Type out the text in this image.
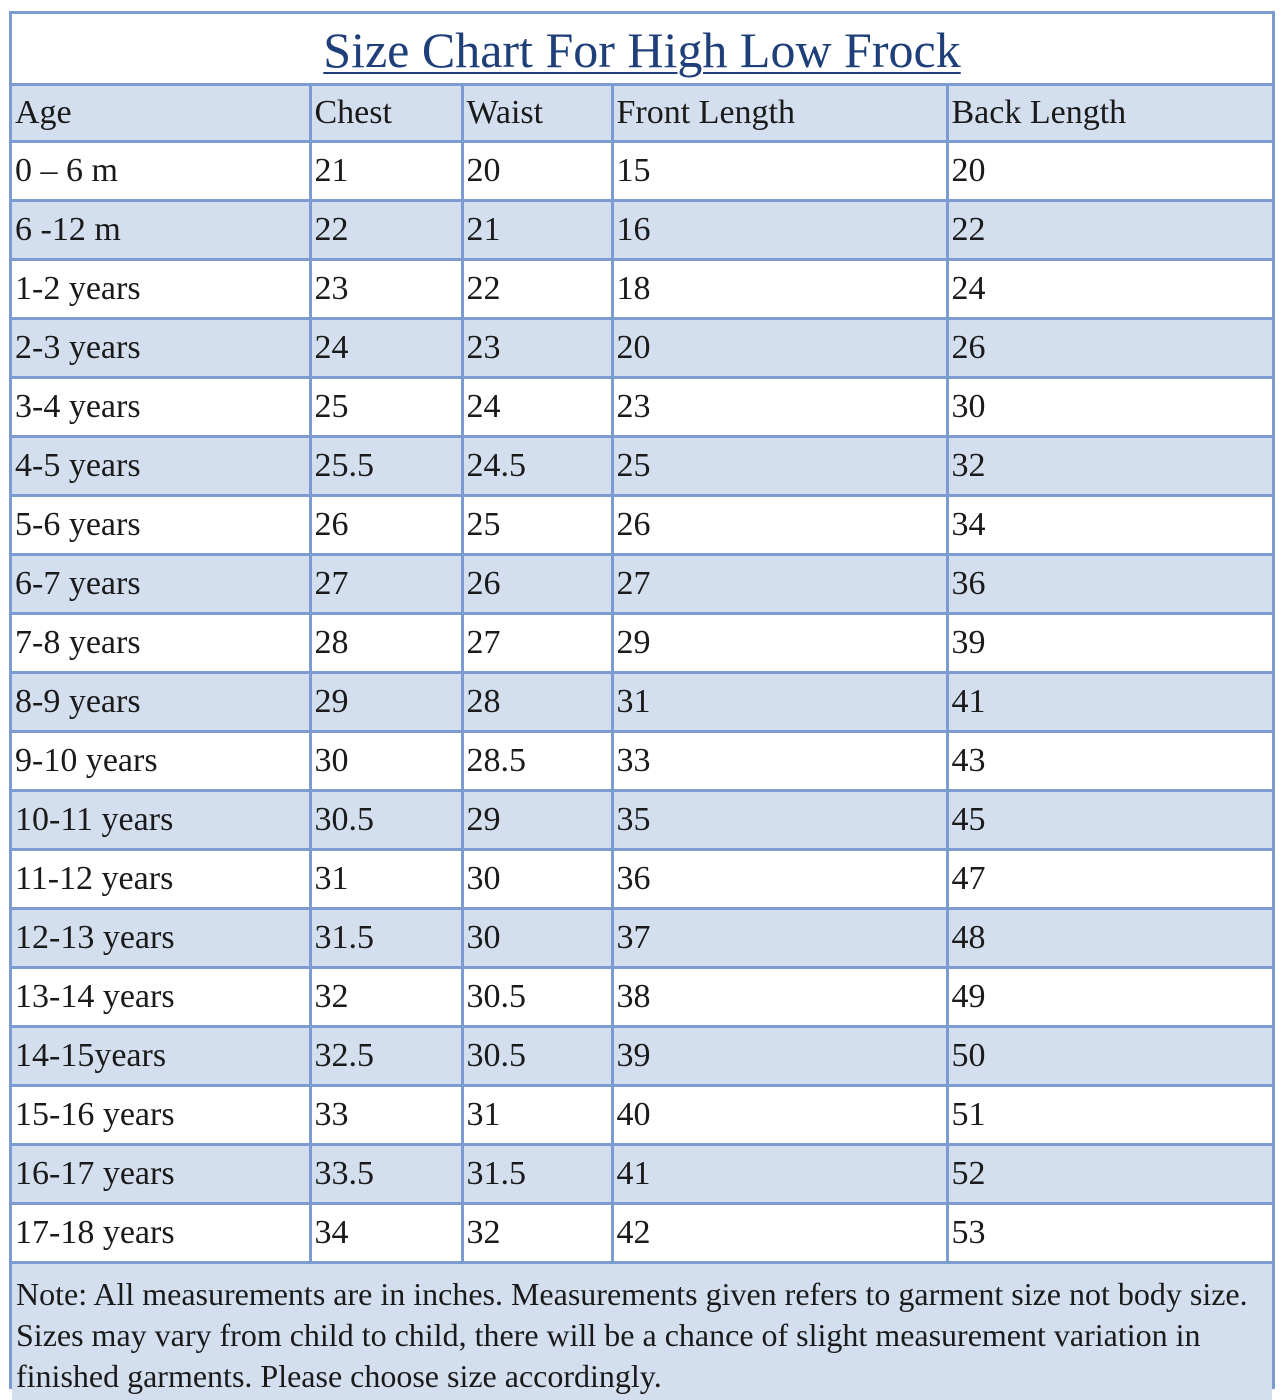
Size Chart For High Low Frock
Age	Chest	Waist	Front Length	Back Length
0 – 6 m	21	20	15	20
6 -12 m	22	21	16	22
1-2 years	23	22	18	24
2-3 years	24	23	20	26
3-4 years	25	24	23	30
4-5 years	25.5	24.5	25	32
5-6 years	26	25	26	34
6-7 years	27	26	27	36
7-8 years	28	27	29	39
8-9 years	29	28	31	41
9-10 years	30	28.5	33	43
10-11 years	30.5	29	35	45
11-12 years	31	30	36	47
12-13 years	31.5	30	37	48
13-14 years	32	30.5	38	49
14-15years	32.5	30.5	39	50
15-16 years	33	31	40	51
16-17 years	33.5	31.5	41	52
17-18 years	34	32	42	53
Note: All measurements are in inches. Measurements given refers to garment size not body size. Sizes may vary from child to child, there will be a chance of slight measurement variation in finished garments. Please choose size accordingly.
